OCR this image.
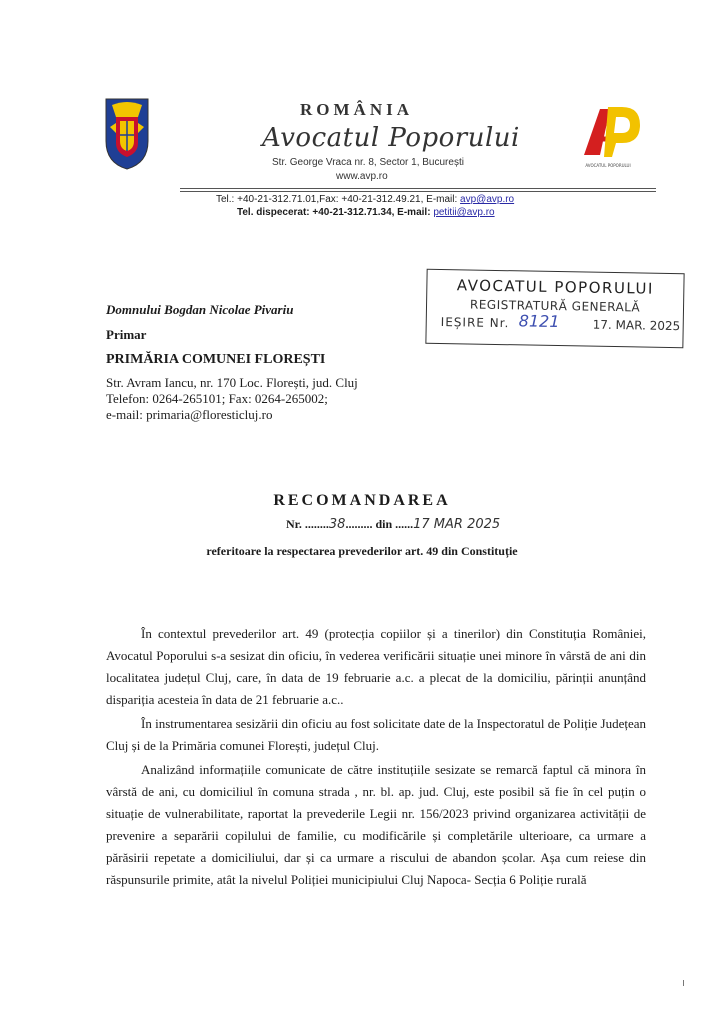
ROMÂNIA
Avocatul Poporului
Str. George Vraca nr. 8, Sector 1, București
www.avp.ro
AVOCATUL POPORULUI
Tel.: +40-21-312.71.01,Fax: +40-21-312.49.21, E-mail: avp@avp.ro
Tel. dispecerat: +40-21-312.71.34, E-mail: petitii@avp.ro
AVOCATUL POPORULUI
REGISTRATURĂ GENERALĂ
IEȘIRE Nr. 8121	17. MAR. 2025
Domnului Bogdan Nicolae Pivariu
Primar
PRIMĂRIA COMUNEI FLOREȘTI
Str. Avram Iancu, nr. 170 Loc. Florești, jud. Cluj
Telefon: 0264-265101; Fax: 0264-265002;
e-mail: primaria@floresticluj.ro
RECOMANDAREA
Nr. ........38......... din ......17 MAR 2025
referitoare la respectarea prevederilor art. 49 din Constituție

În contextul prevederilor art. 49 (protecția copiilor și a tinerilor) din Constituția României, Avocatul Poporului s-a sesizat din oficiu, în vederea verificării situație unei minore în vârstă de ani din localitatea județul Cluj, care, în data de 19 februarie a.c. a plecat de la domiciliu, părinții anunțând dispariția acesteia în data de 21 februarie a.c..

În instrumentarea sesizării din oficiu au fost solicitate date de la Inspectoratul de Poliție Județean Cluj și de la Primăria comunei Florești, județul Cluj.

Analizând informațiile comunicate de către instituțiile sesizate se remarcă faptul că minora în vârstă de ani, cu domiciliul în comuna strada , nr. bl. ap. jud. Cluj, este posibil să fie în cel puțin o situație de vulnerabilitate, raportat la prevederile Legii nr. 156/2023 privind organizarea activității de prevenire a separării copilului de familie, cu modificările și completările ulterioare, ca urmare a părăsirii repetate a domiciliului, dar și ca urmare a riscului de abandon școlar. Așa cum reiese din răspunsurile primite, atât la nivelul Poliției municipiului Cluj Napoca- Secția 6 Poliție rurală
